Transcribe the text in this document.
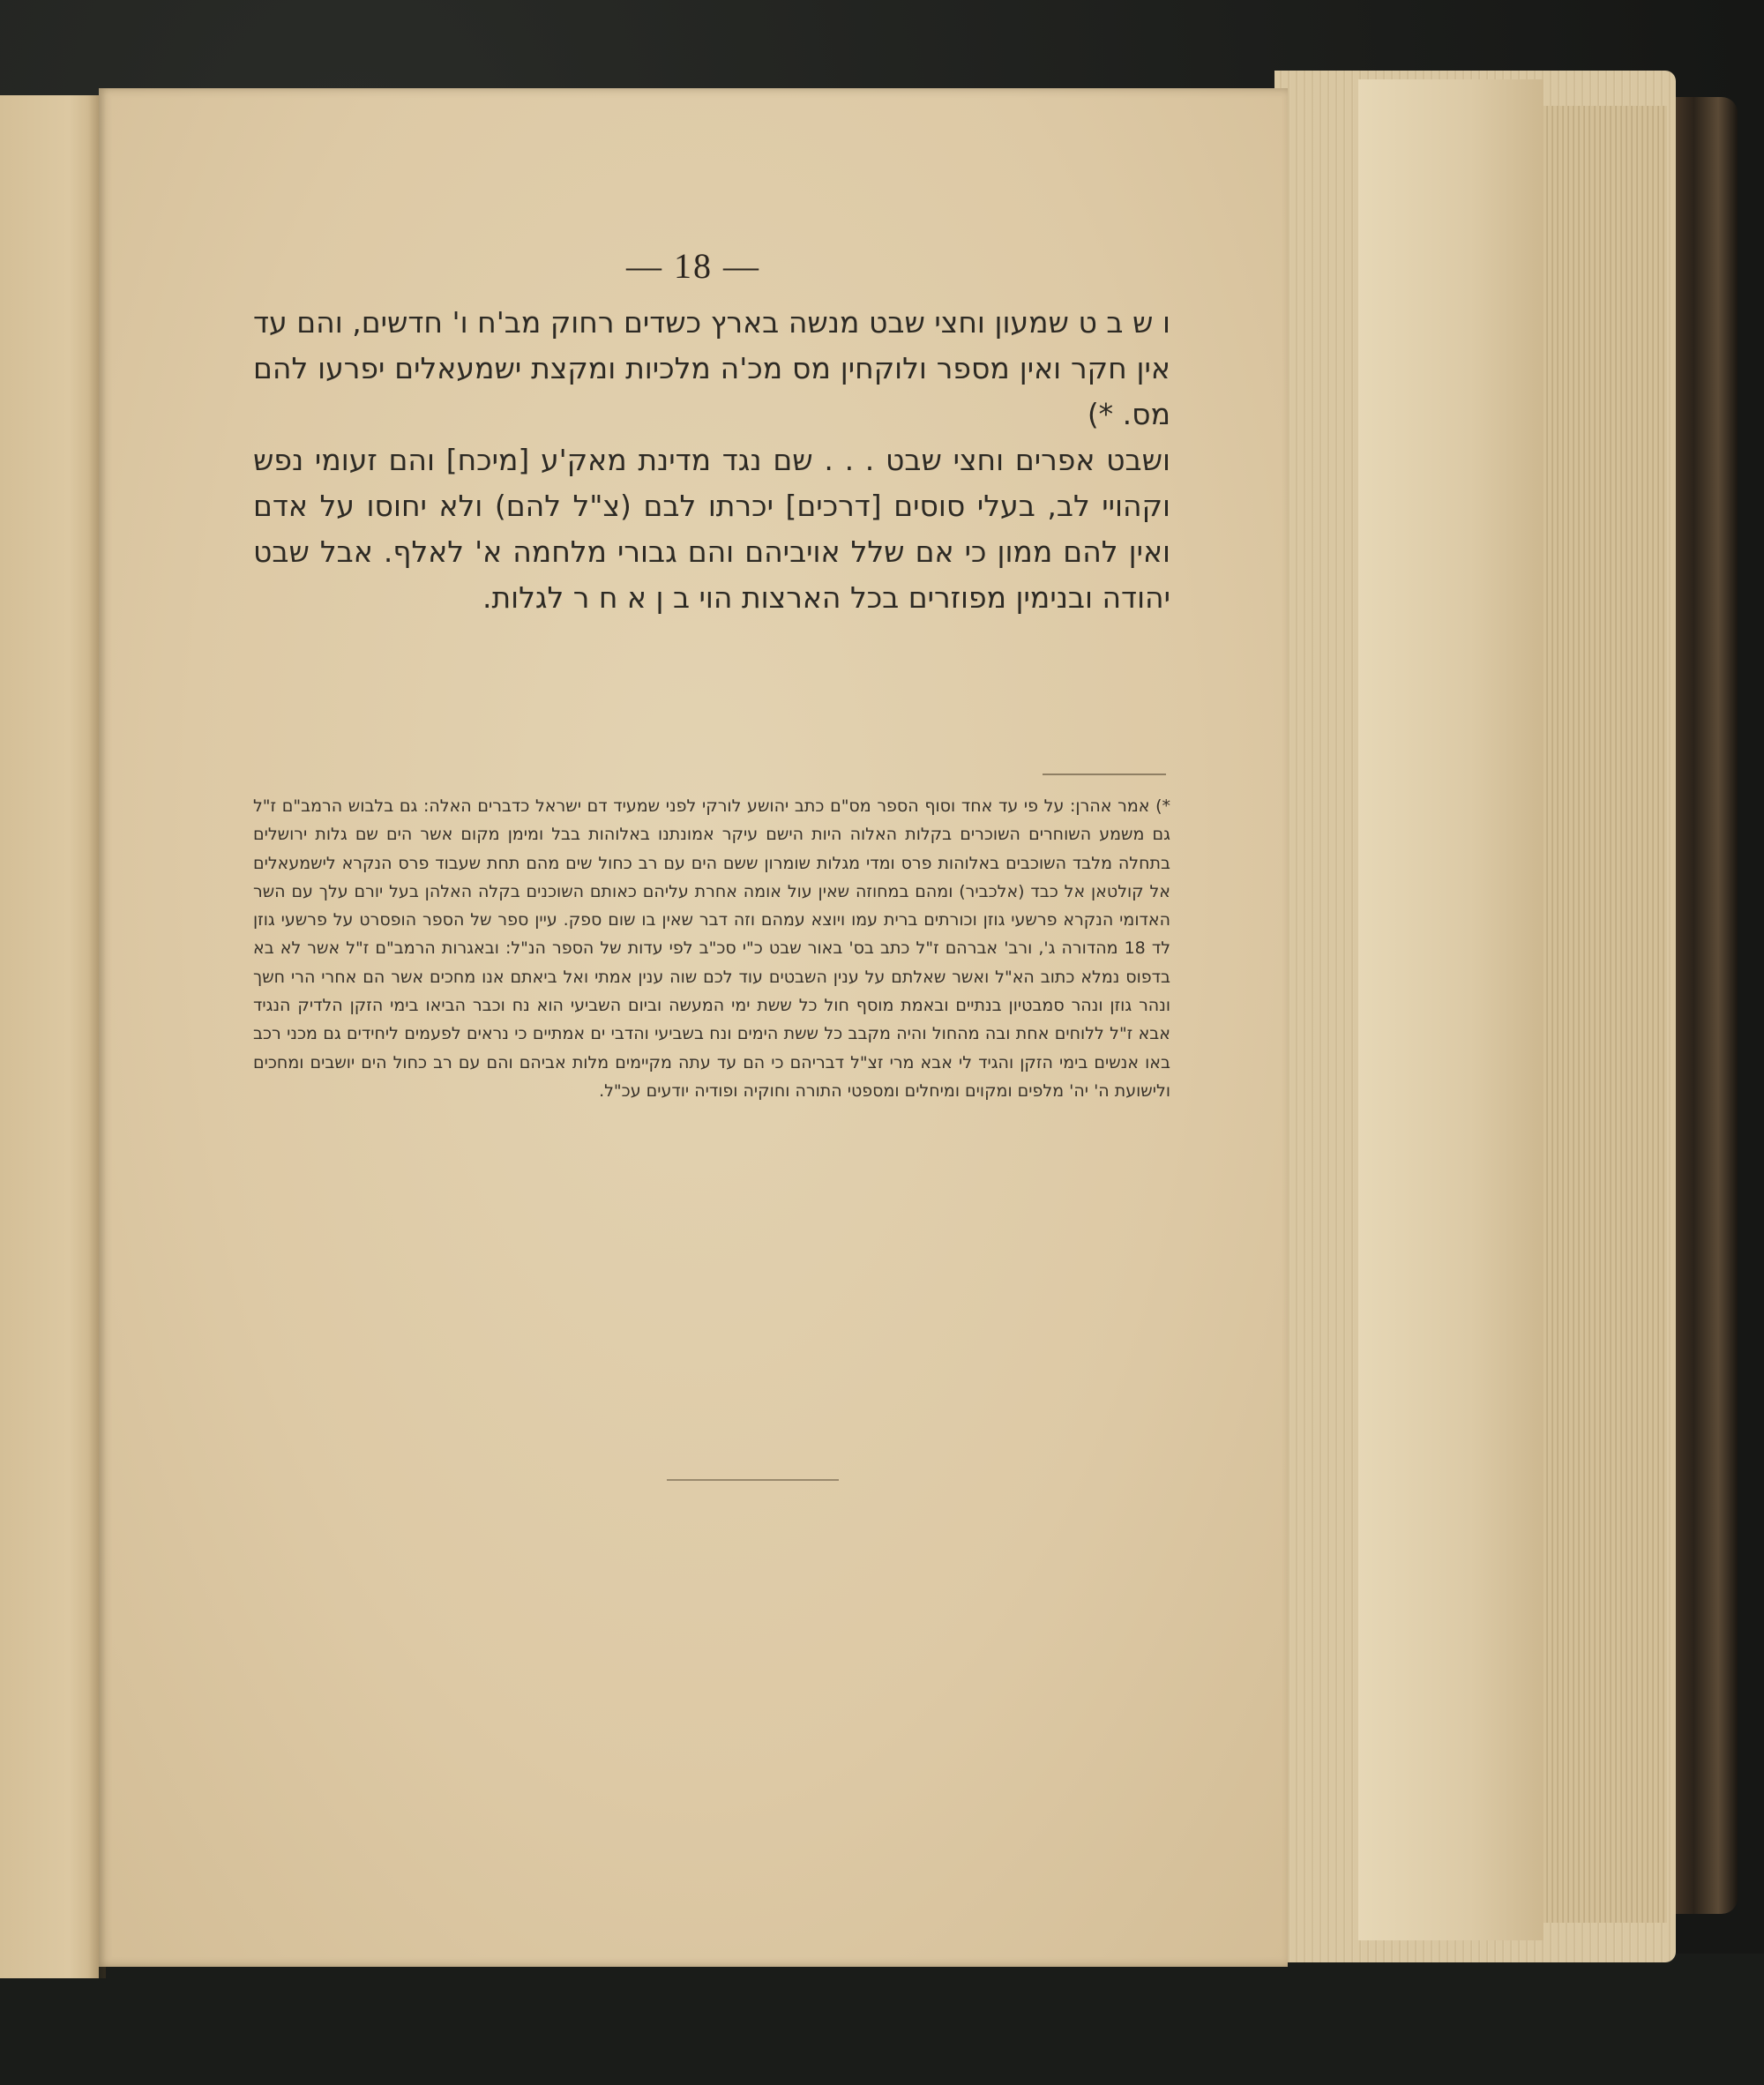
— 18 —

ו ש ב ט שמעון וחצי שבט מנשה בארץ כשדים רחוק מב'ח ו' חדשים, והם עד אין חקר ואין מספר ולוקחין מס מכ'ה מלכיות ומקצת ישמעאלים יפרעו להם מס. *)

ושבט אפרים וחצי שבט . . . שם נגד מדינת מאק'ע [מיכח] והם זעומי נפש וקהויי לב, בעלי סוסים [דרכים] יכרתו לבם (צ"ל להם) ולא יחוסו על אדם ואין להם ממון כי אם שלל אויביהם והם גבורי מלחמה א' לאלף. אבל שבט יהודה ובנימין מפוזרים בכל הארצות הוי ב ן א ח ר לגלות.

*) אמר אהרן: על פי עד אחד וסוף הספר מס"ם כתב יהושע לורקי לפני שמעיד דם ישראל כדברים האלה: גם בלבוש הרמב"ם ז"ל גם משמע השוחרים השוכרים בקלות האלוה היות הישם עיקר אמונתנו באלוהות בבל ומימן מקום אשר הים שם גלות ירושלים בתחלה מלבד השוכבים באלוהות פרס ומדי מגלות שומרון ששם הים עם רב כחול שים מהם תחת שעבוד פרס הנקרא לישמעאלים אל קולטאן אל כבד (אלכביר) ומהם במחוזה שאין עול אומה אחרת עליהם כאותם השוכנים בקלה האלהן בעל יורם עלך עם השר האדומי הנקרא פרשעי גוזן וכורתים ברית עמו ויוצא עמהם וזה דבר שאין בו שום ספק. עיין ספר של הספר הופסרט על פרשעי גוזן לד 18 מהדורה ג', ורב' אברהם ז"ל כתב בס' באור שבט כ"י סכ"ב לפי עדות של הספר הנ"ל: ובאגרות הרמב"ם ז"ל אשר לא בא בדפוס נמלא כתוב הא"ל ואשר שאלתם על ענין השבטים עוד לכם שוה ענין אמתי ואל ביאתם אנו מחכים אשר הם אחרי הרי חשך ונהר גוזן ונהר סמבטיון בנתיים ובאמת מוסף חול כל ששת ימי המעשה וביום השביעי הוא נח וכבר הביאו בימי הזקן הלדיק הנגיד אבא ז"ל ללוחים אחת ובה מהחול והיה מקבב כל ששת הימים ונח בשביעי והדבי ים אמתיים כי נראים לפעמים ליחידים גם מכני רכב באו אנשים בימי הזקן והגיד לי אבא מרי זצ"ל דבריהם כי הם עד עתה מקיימים מלות אביהם והם עם רב כחול הים יושבים ומחכים ולישועת ה' יה' מלפים ומקוים ומיחלים ומספטי התורה וחוקיה ופודיה יודעים עכ"ל.
